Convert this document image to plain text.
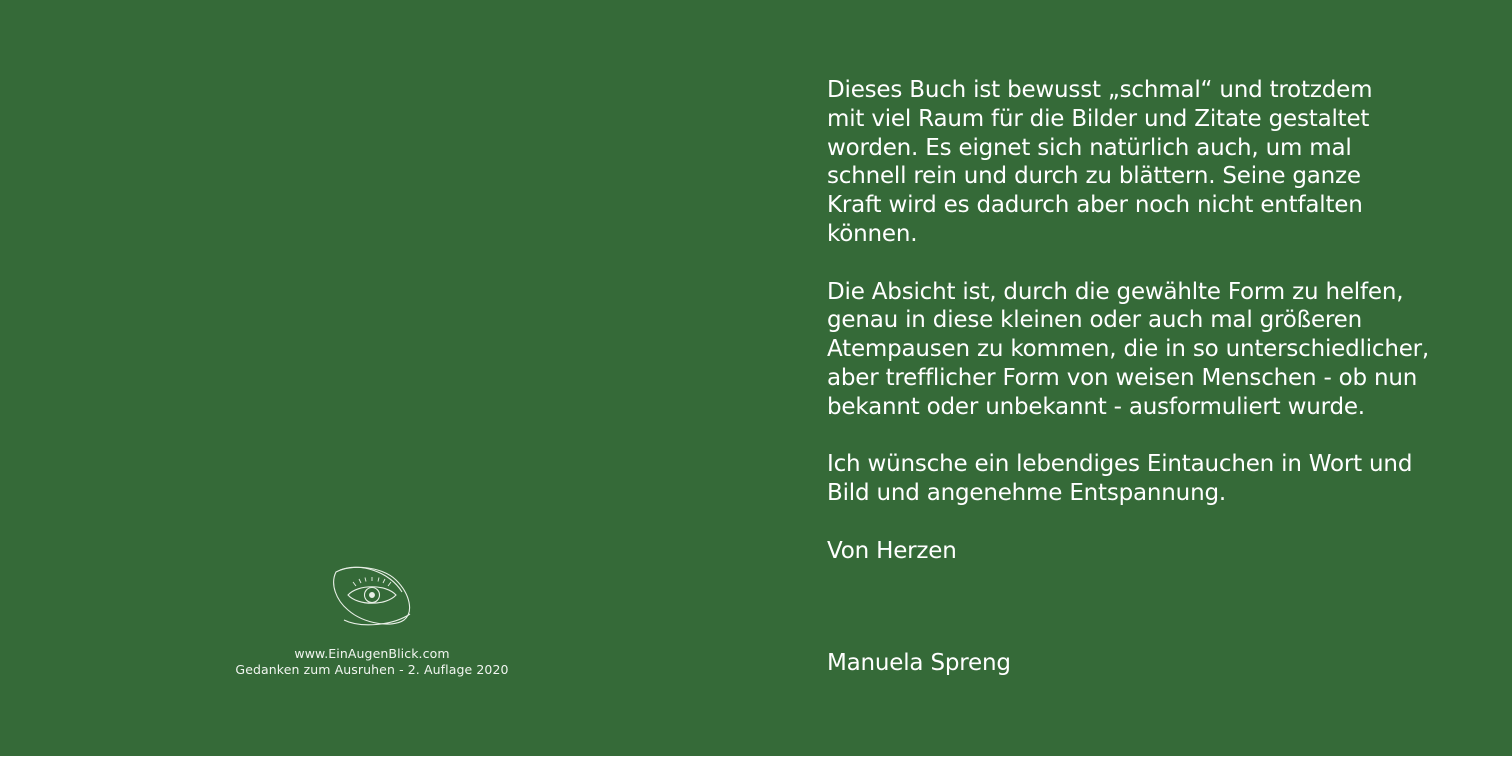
www.EinAugenBlick.com
Gedanken zum Ausruhen - 2. Auflage 2020
Dieses Buch ist bewusst „schmal“ und trotzdem
mit viel Raum für die Bilder und Zitate gestaltet
worden. Es eignet sich natürlich auch, um mal
schnell rein und durch zu blättern. Seine ganze
Kraft wird es dadurch aber noch nicht entfalten
können.
Die Absicht ist, durch die gewählte Form zu helfen,
genau in diese kleinen oder auch mal größeren
Atempausen zu kommen, die in so unterschiedlicher,
aber trefflicher Form von weisen Menschen - ob nun
bekannt oder unbekannt - ausformuliert wurde.
Ich wünsche ein lebendiges Eintauchen in Wort und
Bild und angenehme Entspannung.
Von Herzen
Manuela Spreng
